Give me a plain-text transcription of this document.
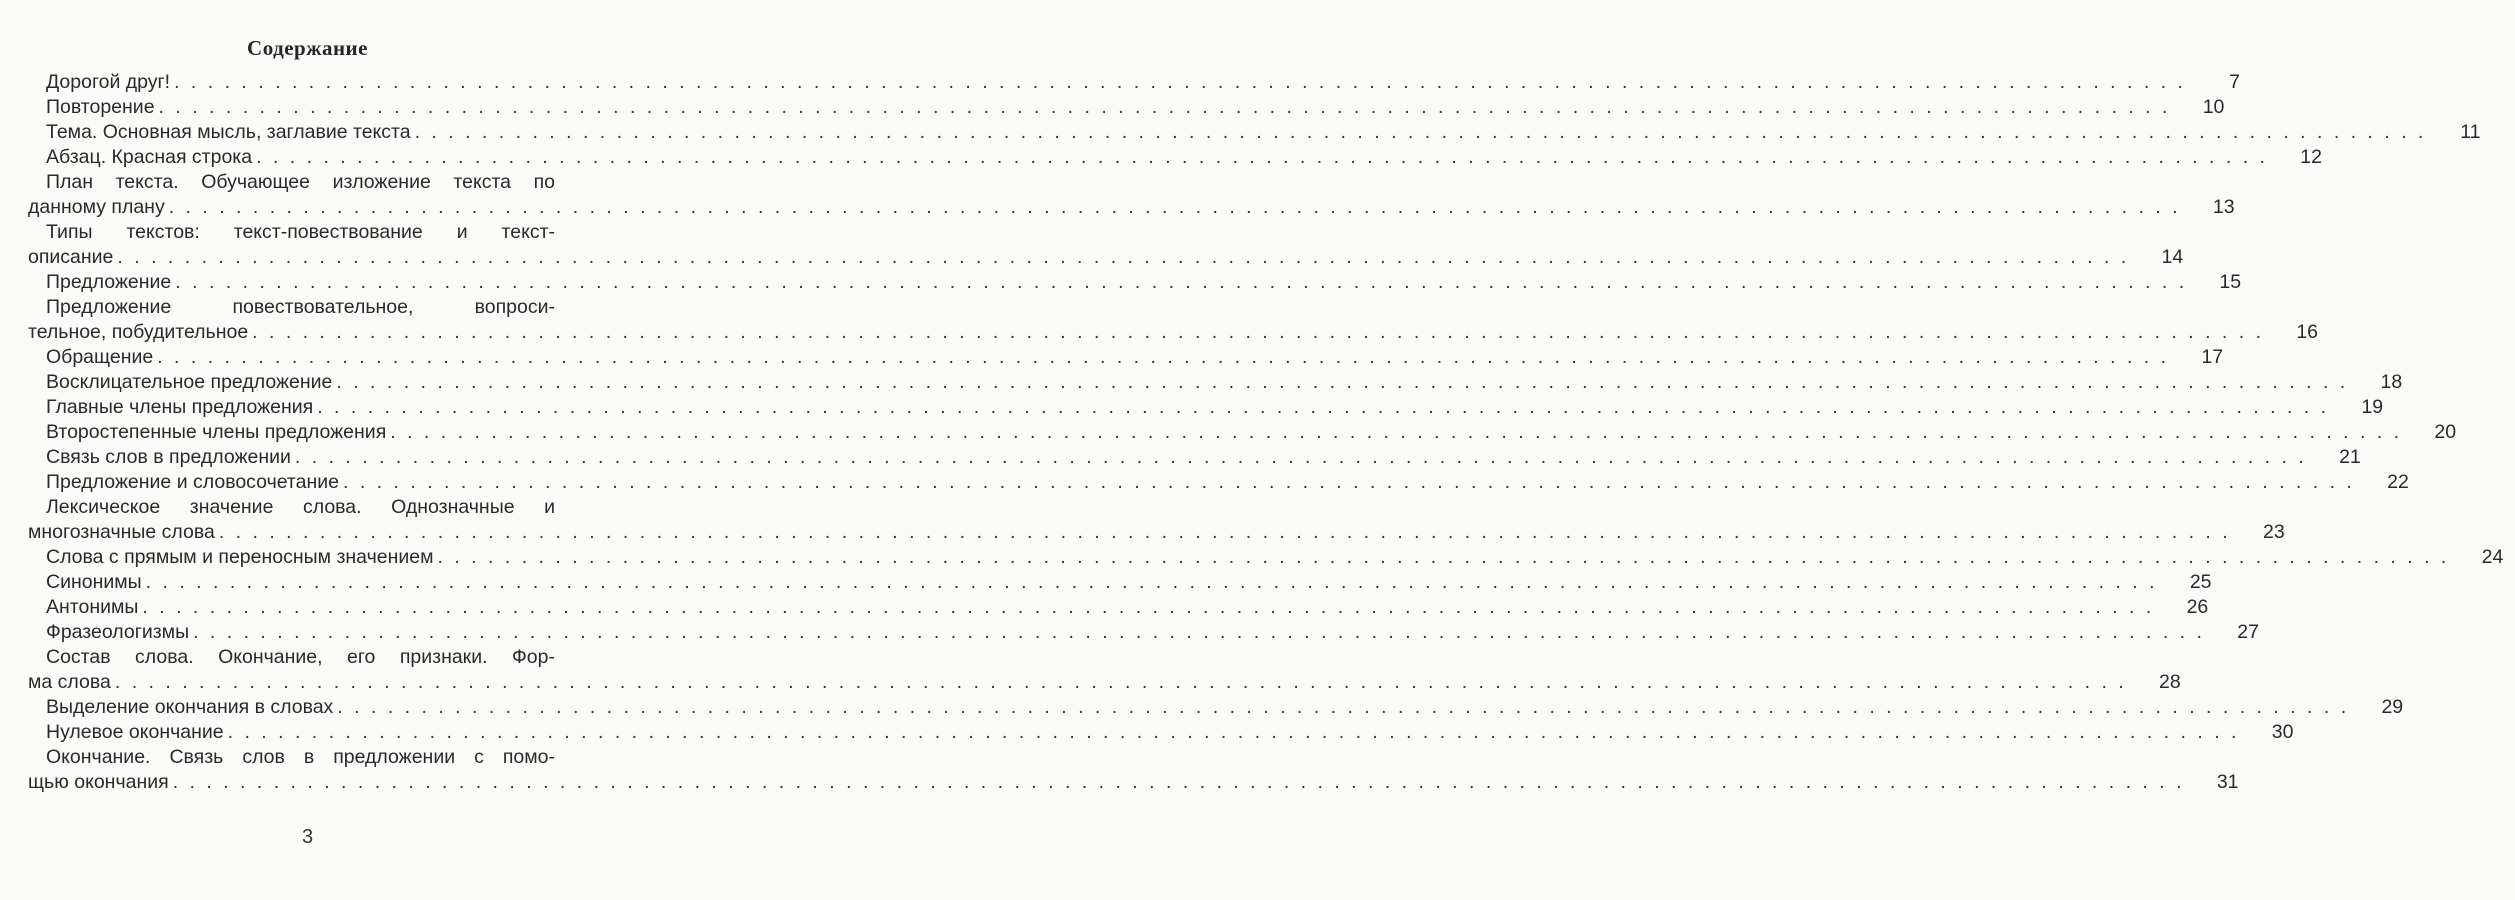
Содержание
Дорогой друг! . . . . . . . . . . . . . . . . . . . . . . . . . . . . . . . . . . . . . . . . . . . . . . . . . . . . . . . . . . . . . . . . . . . . . . . . . . . . . . . . . . . . . . . . . . . . . . . . . . . . . . . . . . . . . . . . . . . . . . . .	7
Повторение . . . . . . . . . . . . . . . . . . . . . . . . . . . . . . . . . . . . . . . . . . . . . . . . . . . . . . . . . . . . . . . . . . . . . . . . . . . . . . . . . . . . . . . . . . . . . . . . . . . . . . . . . . . . . . . . . . . . . . . .	10
Тема. Основная мысль, заглавие текста . . . . . . . . . . . . . . . . . . . . . . . . . . . . . . . . . . . . . . . . . . . . . . . . . . . . . . . . . . . . . . . . . . . . . . . . . . . . . . . . . . . . . . . . . . . . . . . . . . . . . . . . . . . . . . . . . . . . . . . .	11
Абзац. Красная строка . . . . . . . . . . . . . . . . . . . . . . . . . . . . . . . . . . . . . . . . . . . . . . . . . . . . . . . . . . . . . . . . . . . . . . . . . . . . . . . . . . . . . . . . . . . . . . . . . . . . . . . . . . . . . . . . . . . . . . . .	12
План текста. Обучающее изложение текста по
данному плану . . . . . . . . . . . . . . . . . . . . . . . . . . . . . . . . . . . . . . . . . . . . . . . . . . . . . . . . . . . . . . . . . . . . . . . . . . . . . . . . . . . . . . . . . . . . . . . . . . . . . . . . . . . . . . . . . . . . . . . .	13
Типы текстов: текст-повествование и текст-
описание . . . . . . . . . . . . . . . . . . . . . . . . . . . . . . . . . . . . . . . . . . . . . . . . . . . . . . . . . . . . . . . . . . . . . . . . . . . . . . . . . . . . . . . . . . . . . . . . . . . . . . . . . . . . . . . . . . . . . . . .	14
Предложение . . . . . . . . . . . . . . . . . . . . . . . . . . . . . . . . . . . . . . . . . . . . . . . . . . . . . . . . . . . . . . . . . . . . . . . . . . . . . . . . . . . . . . . . . . . . . . . . . . . . . . . . . . . . . . . . . . . . . . . .	15
Предложение повествовательное, вопроси-
тельное, побудительное . . . . . . . . . . . . . . . . . . . . . . . . . . . . . . . . . . . . . . . . . . . . . . . . . . . . . . . . . . . . . . . . . . . . . . . . . . . . . . . . . . . . . . . . . . . . . . . . . . . . . . . . . . . . . . . . . . . . . . . .	16
Обращение . . . . . . . . . . . . . . . . . . . . . . . . . . . . . . . . . . . . . . . . . . . . . . . . . . . . . . . . . . . . . . . . . . . . . . . . . . . . . . . . . . . . . . . . . . . . . . . . . . . . . . . . . . . . . . . . . . . . . . . .	17
Восклицательное предложение . . . . . . . . . . . . . . . . . . . . . . . . . . . . . . . . . . . . . . . . . . . . . . . . . . . . . . . . . . . . . . . . . . . . . . . . . . . . . . . . . . . . . . . . . . . . . . . . . . . . . . . . . . . . . . . . . . . . . . . .	18
Главные члены предложения . . . . . . . . . . . . . . . . . . . . . . . . . . . . . . . . . . . . . . . . . . . . . . . . . . . . . . . . . . . . . . . . . . . . . . . . . . . . . . . . . . . . . . . . . . . . . . . . . . . . . . . . . . . . . . . . . . . . . . . .	19
Второстепенные члены предложения . . . . . . . . . . . . . . . . . . . . . . . . . . . . . . . . . . . . . . . . . . . . . . . . . . . . . . . . . . . . . . . . . . . . . . . . . . . . . . . . . . . . . . . . . . . . . . . . . . . . . . . . . . . . . . . . . . . . . . . .	20
Связь слов в предложении . . . . . . . . . . . . . . . . . . . . . . . . . . . . . . . . . . . . . . . . . . . . . . . . . . . . . . . . . . . . . . . . . . . . . . . . . . . . . . . . . . . . . . . . . . . . . . . . . . . . . . . . . . . . . . . . . . . . . . . .	21
Предложение и словосочетание . . . . . . . . . . . . . . . . . . . . . . . . . . . . . . . . . . . . . . . . . . . . . . . . . . . . . . . . . . . . . . . . . . . . . . . . . . . . . . . . . . . . . . . . . . . . . . . . . . . . . . . . . . . . . . . . . . . . . . . .	22
Лексическое значение слова. Однозначные и
многозначные слова . . . . . . . . . . . . . . . . . . . . . . . . . . . . . . . . . . . . . . . . . . . . . . . . . . . . . . . . . . . . . . . . . . . . . . . . . . . . . . . . . . . . . . . . . . . . . . . . . . . . . . . . . . . . . . . . . . . . . . . .	23
Слова с прямым и переносным значением . . . . . . . . . . . . . . . . . . . . . . . . . . . . . . . . . . . . . . . . . . . . . . . . . . . . . . . . . . . . . . . . . . . . . . . . . . . . . . . . . . . . . . . . . . . . . . . . . . . . . . . . . . . . . . . . . . . . . . . .	24
Синонимы . . . . . . . . . . . . . . . . . . . . . . . . . . . . . . . . . . . . . . . . . . . . . . . . . . . . . . . . . . . . . . . . . . . . . . . . . . . . . . . . . . . . . . . . . . . . . . . . . . . . . . . . . . . . . . . . . . . . . . . .	25
Антонимы . . . . . . . . . . . . . . . . . . . . . . . . . . . . . . . . . . . . . . . . . . . . . . . . . . . . . . . . . . . . . . . . . . . . . . . . . . . . . . . . . . . . . . . . . . . . . . . . . . . . . . . . . . . . . . . . . . . . . . . .	26
Фразеологизмы . . . . . . . . . . . . . . . . . . . . . . . . . . . . . . . . . . . . . . . . . . . . . . . . . . . . . . . . . . . . . . . . . . . . . . . . . . . . . . . . . . . . . . . . . . . . . . . . . . . . . . . . . . . . . . . . . . . . . . . .	27
Состав слова. Окончание, его признаки. Фор-
ма слова . . . . . . . . . . . . . . . . . . . . . . . . . . . . . . . . . . . . . . . . . . . . . . . . . . . . . . . . . . . . . . . . . . . . . . . . . . . . . . . . . . . . . . . . . . . . . . . . . . . . . . . . . . . . . . . . . . . . . . . .	28
Выделение окончания в словах . . . . . . . . . . . . . . . . . . . . . . . . . . . . . . . . . . . . . . . . . . . . . . . . . . . . . . . . . . . . . . . . . . . . . . . . . . . . . . . . . . . . . . . . . . . . . . . . . . . . . . . . . . . . . . . . . . . . . . . .	29
Нулевое окончание . . . . . . . . . . . . . . . . . . . . . . . . . . . . . . . . . . . . . . . . . . . . . . . . . . . . . . . . . . . . . . . . . . . . . . . . . . . . . . . . . . . . . . . . . . . . . . . . . . . . . . . . . . . . . . . . . . . . . . . .	30
Окончание. Связь слов в предложении с помо-
щью окончания . . . . . . . . . . . . . . . . . . . . . . . . . . . . . . . . . . . . . . . . . . . . . . . . . . . . . . . . . . . . . . . . . . . . . . . . . . . . . . . . . . . . . . . . . . . . . . . . . . . . . . . . . . . . . . . . . . . . . . . .	31
3
